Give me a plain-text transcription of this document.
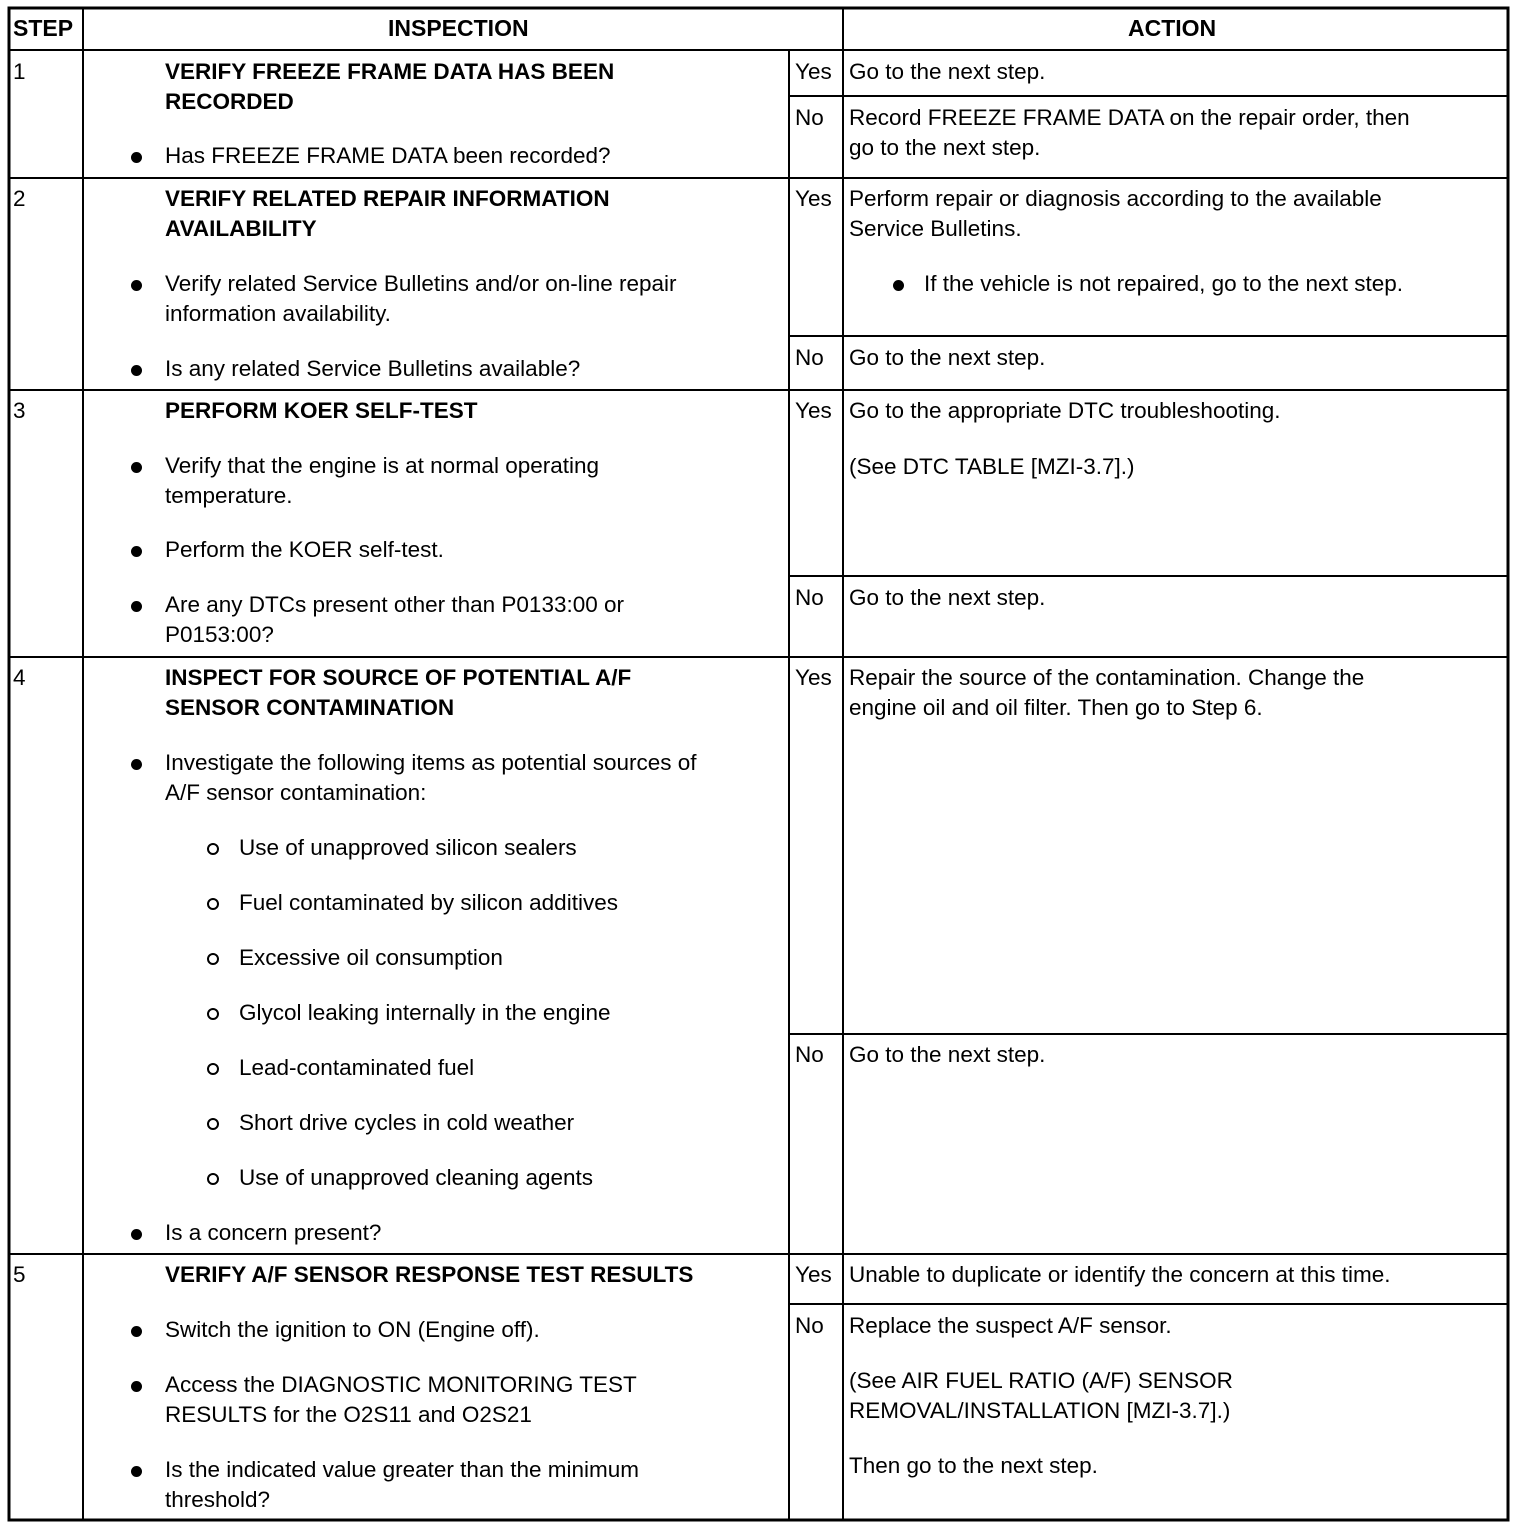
STEP	INSPECTION	ACTION
1	VERIFY FREEZE FRAME DATA HAS BEEN
RECORDED
Has FREEZE FRAME DATA been recorded?
Yes Go to the next step.
No Record FREEZE FRAME DATA on the repair order, then
go to the next step.
2	VERIFY RELATED REPAIR INFORMATION
AVAILABILITY
Verify related Service Bulletins and/or on-line repair
information availability.
Is any related Service Bulletins available?
Yes Perform repair or diagnosis according to the available
Service Bulletins.
If the vehicle is not repaired, go to the next step.
No Go to the next step.
3	PERFORM KOER SELF-TEST
Verify that the engine is at normal operating
temperature.
Perform the KOER self-test.
Are any DTCs present other than P0133:00 or
P0153:00?
Yes Go to the appropriate DTC troubleshooting.
(See DTC TABLE [MZI-3.7].)
No Go to the next step.
4	INSPECT FOR SOURCE OF POTENTIAL A/F
SENSOR CONTAMINATION
Investigate the following items as potential sources of
A/F sensor contamination:
Use of unapproved silicon sealers
Fuel contaminated by silicon additives
Excessive oil consumption
Glycol leaking internally in the engine
Lead-contaminated fuel
Short drive cycles in cold weather
Use of unapproved cleaning agents
Is a concern present?
Yes Repair the source of the contamination. Change the
engine oil and oil filter. Then go to Step 6.
No Go to the next step.
5	VERIFY A/F SENSOR RESPONSE TEST RESULTS
Switch the ignition to ON (Engine off).
Access the DIAGNOSTIC MONITORING TEST
RESULTS for the O2S11 and O2S21
Is the indicated value greater than the minimum
threshold?
Yes Unable to duplicate or identify the concern at this time.
No Replace the suspect A/F sensor.
(See AIR FUEL RATIO (A/F) SENSOR
REMOVAL/INSTALLATION [MZI-3.7].)
Then go to the next step.
